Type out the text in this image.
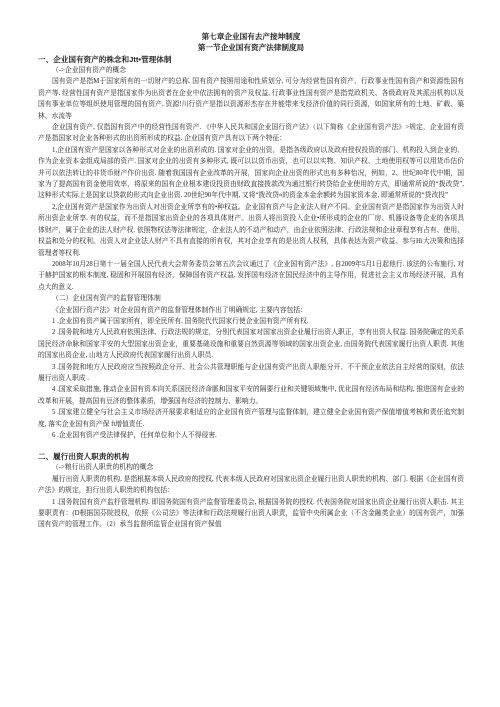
第七章企业国有去产接坤制度
第一节企业国有资产法律制度局
一、企业国有资产的株念和Jtt•管理体制
（->企业国有资产的概念

国有资产是指M于国家所有的一切财产的总称. 国有资产按照用途和性质划分, 可分为经营性国有资产、行政事业性国有资产和资源性国有资产等. 经营性国有资产是指国家作为出资者在企业中依法拥有的资产及权益, 行政事业性国有资产是指党政机关、各级政府及其派出机构以及国有事业单位等组织使用管理的国有资产, 资源!川行资产是指以资源形杰存在并能带来戈经济价值的同行资源，如国家所有的土地、矿载、築林、水流等

企业国有资产, 仅指国有资产中的经营性国有资产. 《中华人民共和国企业国行资产法》（以下简称《企业国有资产法》>规定，企业国有资产是指国家对企业各种形式的出资所形成的权益. 企业国有资产具有以下两个特征：

1,企业国有资产是国家以各种形式对企业的出资形成的. 国家对企业的出资，是指各级政府以及政府授权投资的部门、机构投入到企业的、作为企业资本金组成局部的资产. 国家对企业的出资有多种形式, 既可以以货币出资，也可以以实物、知识产权、土地使用权等可以用货币估价并可以依法转让的非货币财产作价出资. 随着我国国有企业改革的开展，国家向企业出资的形式也有多种怡况，例如，2、世纪80年代中期，国家为了提高国有资金使用效率，将原来的国有企业根本建设投资由财政直接拨款改为通过银行转贷给企业使用的方式，即通常所说的“拨改贷”, 这种形式实际上是国家以贷款的形式向企业出资. 20世纪90年代中期, 又将“拨改贷»的资金本金余额转为国家资本金, 即通常所说的“贷改投”

2,企业国有资产是国家作为出资人对出资企业所享有的•种权益。企业国有资产与企业法人财产不同。企业国有资产是指国家作为出资人时所出资企业所享. 有的权益，而不是指国家出资企业的各项具体财产。出资人将出资投入企业•所形成的企业的厂房、机器设备等企业的各项具体财产，属于企业的法人财产权. 依照物权法等法律规定，企业法人的不动产和动产，由企业依照法律、行政法规和企业章程享有占有、使用、权益和处分的权利。出资人对企业法人财产不具有直接的所有权，其对企业享有的是出资人权利，具体表达为资产收益、参与Hi大决策和选择管理者等权利.

2008年10月28日第十一届全国人民代表大会常务委员会第五次会议通过了《企业国有资产法》, 自2009年5月1日起他行. 该法的公布施行, 对于赫护国家的根本制度, 稳固和开展国有经济，保障国有资产权益, 发挥国有经济在国民经济中的主导作用，促进社会主义市场经济开展，具有点大的意义.

（二）企业国有资产的监督管理体制

《企业国行资产法》对企业国有资产的监督管理体制作出了明确规定, 主要内容包括：

1 .企业国有资产属于国家所有，即全民所有. 国务院代代国家行使企业国有资产所有权.

2 .国务院和地方人民政府依照法律、行政法规的规定，分别代表国家对国家出资企业履行出资人职正，享有出资人权益. 国务院确定的关系国民经济命脉和国家平安的大型国家出资企业，重要基础设施和重要自然资源等领域的国家出资企业, 由国务院代表国家履行出资人职责. 其他的国家出资企业, 山地方人民政府代表国家履行出资人职员.

3 .国务院和地方人民政府应当按照政企分开、社会公共管理职能与企业国有资产出资人职能分开、不干预企业依法自主经营的原则，依法履行出资人职成 .

4 .国家采取措施, 推动企业国有资本向关系国民经济命脈和国家平安的隔要行业和关键领域集中, 优化国有经济布局和结构, 推进国有企业的改革和开展，提高国有豆济的整体素质，增强国有经济的控制力、影响力。

5 .国家建立健全与社会主义市场经济开展要求相适应的企业国有资产管理与监督体制，建立健全企业国有资产保值增值考核和责任追究制度, 落实企业国有资产保 ft增值责任.

6 .企业国有资产受法律保护，任何单位和个人不得侵害.

二、履行出资人职责的机构
（->粮行出资人职贵的机构的概念

履行出资人职责的机构, 是指根据本级人民政府的授权, 代表本级人民政府对国家出资企业履行出资人职贵的机构、部门. 根据《企业国有资产法》的规定，担行出资人职贵的机构包括：

1 .国务院国有资产监杼管理机构. 即国务院国有资产监督管理委员会, 根据国务院的授权. 代表国务院对国家出资企业履行出资人职击. 其主要职责有：(D根据国芬院授权，依照《公司法》等法律和行政法规履行出资人职责，监管中央所属企业（不含金融类企业）的国有资产，加强国有资产的管理工作。（2）承当监督所监管企业国有资产保值
